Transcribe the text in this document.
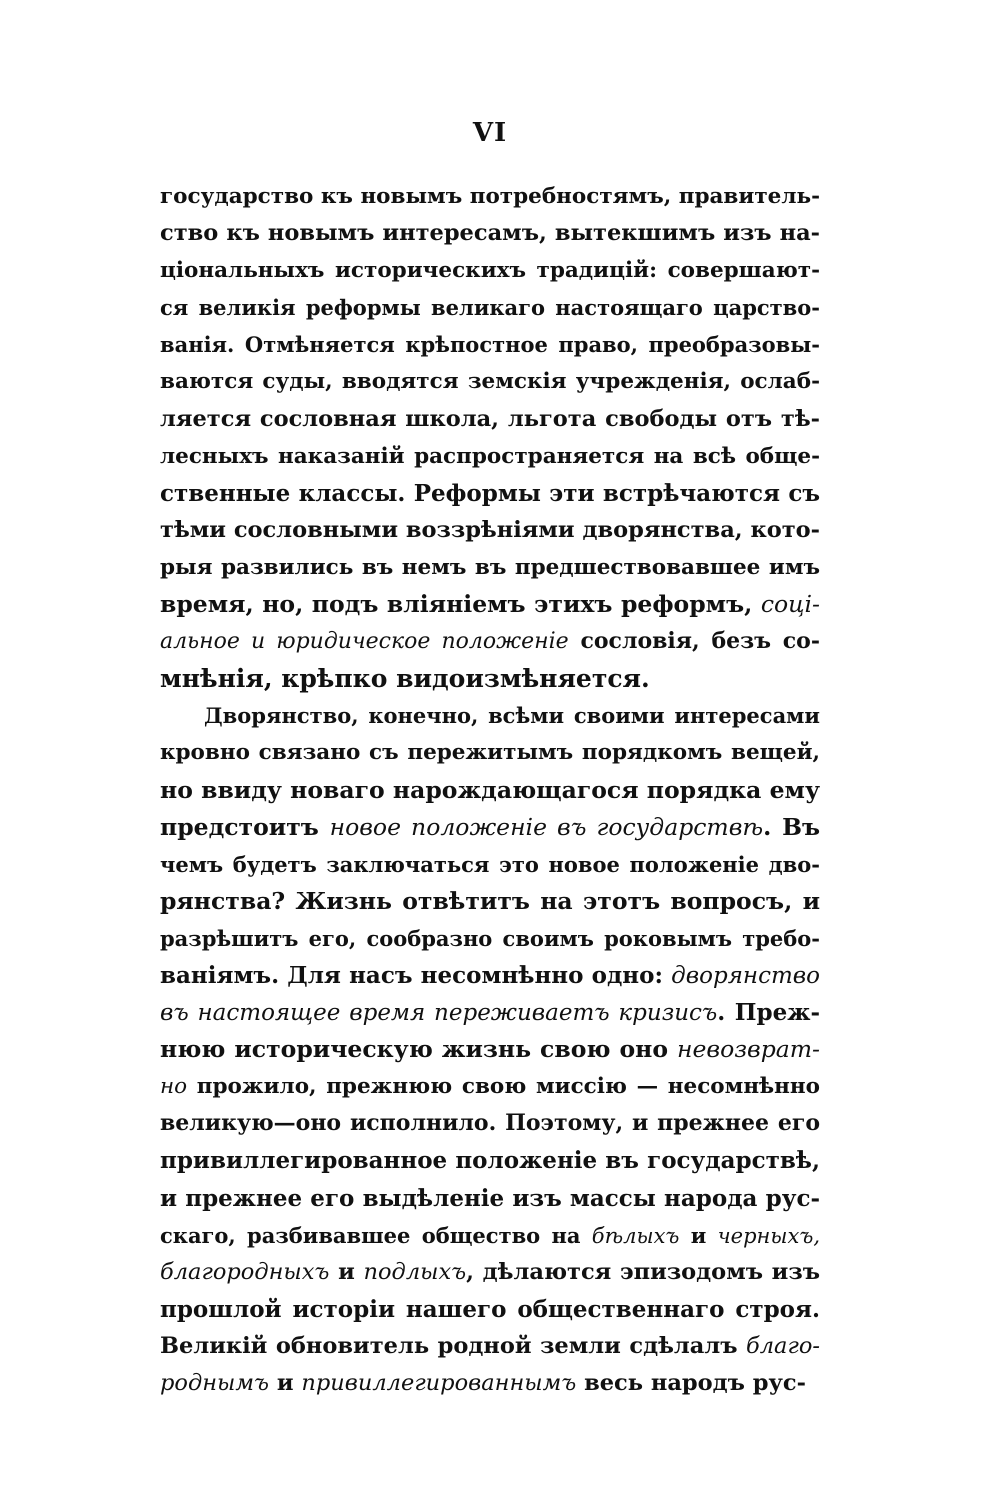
VI
государство къ новымъ потребностямъ, правитель-
ство къ новымъ интересамъ, вытекшимъ изъ на-
ціональныхъ историческихъ традицій: совершают-
ся великія реформы великаго настоящаго царство-
ванія. Отмѣняется крѣпостное право, преобразовы-
ваются суды, вводятся земскія учрежденія, ослаб-
ляется сословная школа, льгота свободы отъ тѣ-
лесныхъ наказаній распространяется на всѣ обще-
ственные классы. Реформы эти встрѣчаются съ
тѣми сословными воззрѣніями дворянства, кото-
рыя развились въ немъ въ предшествовавшее имъ
время, но, подъ вліяніемъ этихъ реформъ, соці-
альное и юридическое положеніе сословія, безъ со-
мнѣнія, крѣпко видоизмѣняется.
Дворянство, конечно, всѣми своими интересами
кровно связано съ пережитымъ порядкомъ вещей,
но ввиду новаго нарождающагося порядка ему
предстоитъ новое положеніе въ государствѣ. Въ
чемъ будетъ заключаться это новое положеніе дво-
рянства? Жизнь отвѣтитъ на этотъ вопросъ, и
разрѣшитъ его, сообразно своимъ роковымъ требо-
ваніямъ. Для насъ несомнѣнно одно: дворянство
въ настоящее время переживаетъ кризисъ. Преж-
нюю историческую жизнь свою оно невозврат-
но прожило, прежнюю свою миссію — несомнѣнно
великую—оно исполнило. Поэтому, и прежнее его
привиллегированное положеніе въ государствѣ,
и прежнее его выдѣленіе изъ массы народа рус-
скаго, разбивавшее общество на бѣлыхъ и черныхъ,
благородныхъ и подлыхъ, дѣлаются эпизодомъ изъ
прошлой исторіи нашего общественнаго строя.
Великій обновитель родной земли сдѣлалъ благо-
роднымъ и привиллегированнымъ весь народъ рус-
